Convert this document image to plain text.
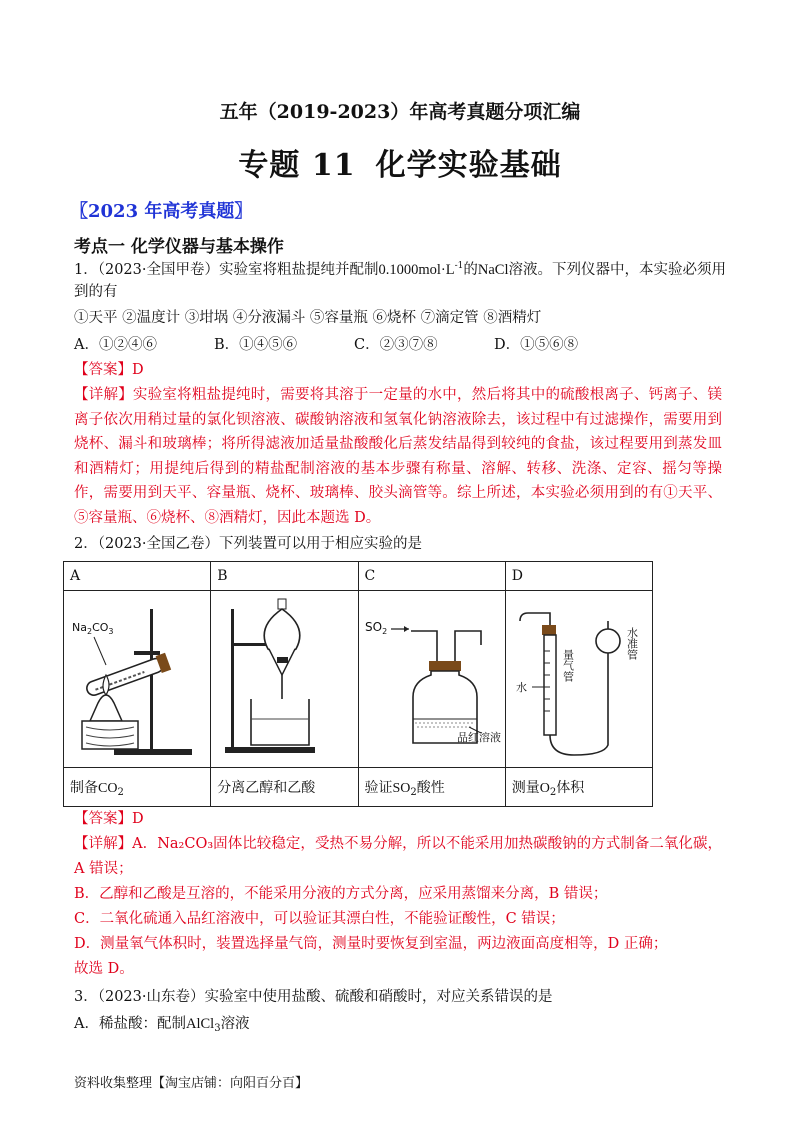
五年（2019-2023）年高考真题分项汇编
专题 11 化学实验基础
〖2023 年高考真题〗
考点一 化学仪器与基本操作
1．（2023·全国甲卷）实验室将粗盐提纯并配制$0.1000mol\cdot L^{-1}$的NaCl溶液。下列仪器中，本实验必须用
到的有
①天平 ②温度计 ③坩埚 ④分液漏斗 ⑤容量瓶 ⑥烧杯 ⑦滴定管 ⑧酒精灯
A．①②④⑥	B．①④⑤⑥	C．②③⑦⑧	D．①⑤⑥⑧
【答案】D
【详解】实验室将粗盐提纯时，需要将其溶于一定量的水中，然后将其中的硫酸根离子、钙离子、镁离子依次用稍过量的氯化钡溶液、碳酸钠溶液和氢氧化钠溶液除去，该过程中有过滤操作，需要用到烧杯、漏斗和玻璃棒；将所得滤液加适量盐酸酸化后蒸发结晶得到较纯的食盐，该过程要用到蒸发皿和酒精灯；用提纯后得到的精盐配制溶液的基本步骤有称量、溶解、转移、洗涤、定容、摇匀等操作，需要用到天平、容量瓶、烧杯、玻璃棒、胶头滴管等。综上所述，本实验必须用到的有①天平、⑤容量瓶、⑥烧杯、⑧酒精灯，因此本题选 D。
2．（2023·全国乙卷）下列装置可以用于相应实验的是
A	B	C	D

$Na_2CO_3$		$SO_2$
品红溶液	水
量气管
水准管

制备$CO_2$	分离乙醇和乙酸	验证$SO_2$酸性	测量$O_2$体积
【答案】D
【详解】A．Na₂CO₃固体比较稳定，受热不易分解，所以不能采用加热碳酸钠的方式制备二氧化碳，A 错误；
B．乙醇和乙酸是互溶的，不能采用分液的方式分离，应采用蒸馏来分离，B 错误；
C．二氧化硫通入品红溶液中，可以验证其漂白性，不能验证酸性，C 错误；
D．测量氧气体积时，装置选择量气筒，测量时要恢复到室温，两边液面高度相等，D 正确；
故选 D。
3．（2023·山东卷）实验室中使用盐酸、硫酸和硝酸时，对应关系错误的是
A．稀盐酸：配制AlCl$_3$溶液
资料收集整理【淘宝店铺：向阳百分百】
